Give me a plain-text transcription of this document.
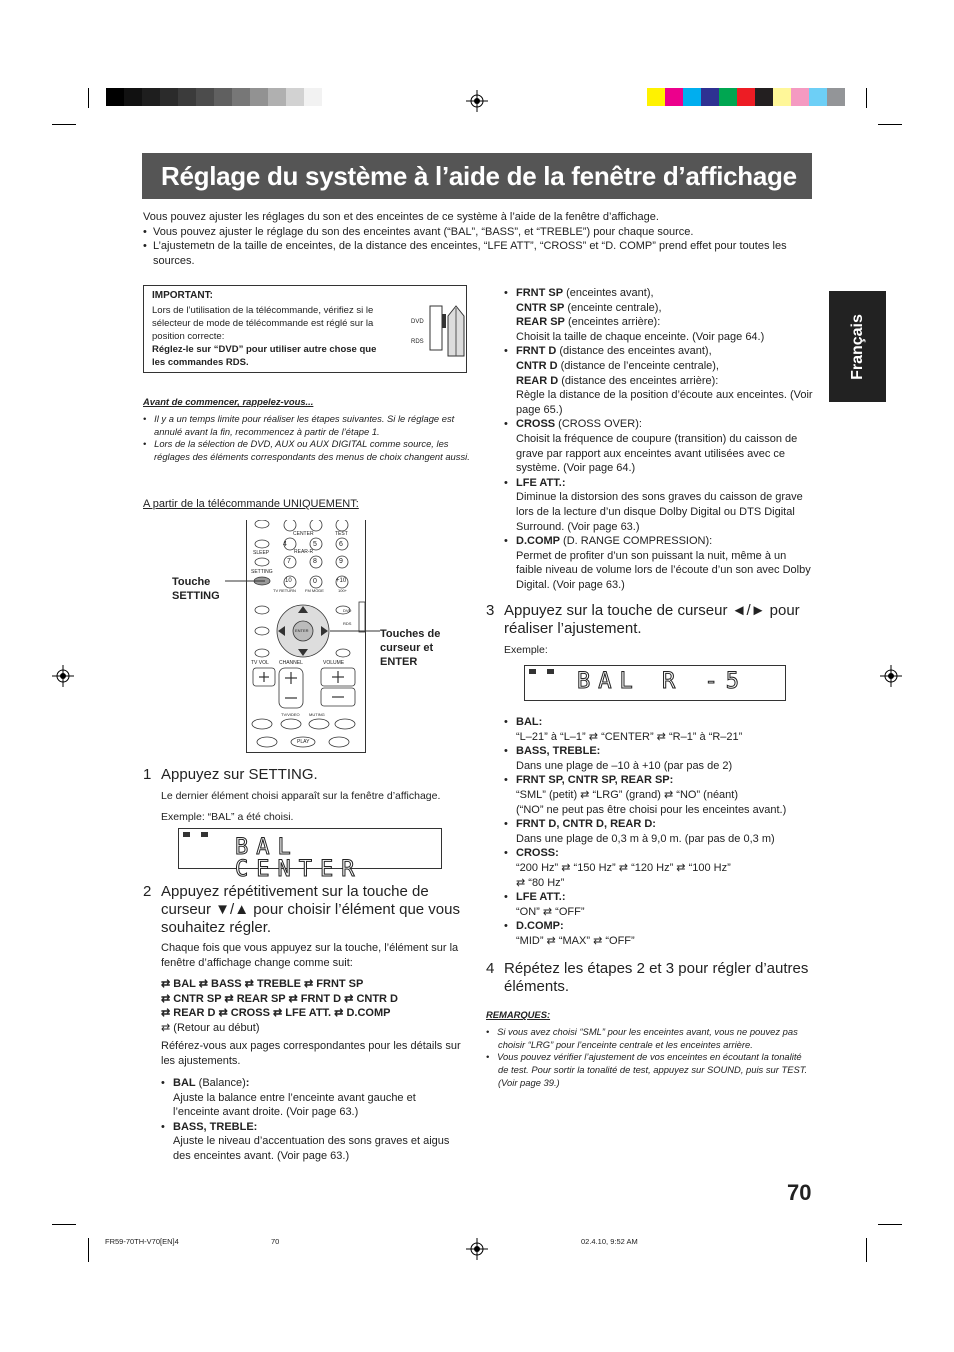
Réglage du système à l’aide de la fenêtre d’affichage
Français

Vous pouvez ajuster les réglages du son et des enceintes de ce système à l’aide de la fenêtre d’affichage.

•  Vous pouvez ajuster le réglage du son des enceintes avant (“BAL”, “BASS”, et “TREBLE”) pour chaque source.

•  L’ajustemetn de la taille de enceintes, de la distance des enceintes, “LFE ATT”, “CROSS” et “D. COMP” prend effet pour toutes les sources.

IMPORTANT:
Lors de l’utilisation de la télécommande, vérifiez si le sélecteur de mode de télécommande est réglé sur la position correcte:
Réglez-le sur “DVD” pour utiliser autre chose que les commandes RDS.
DVD
RDS
Avant de commencer, rappelez-vous...

•   Il y a un temps limite pour réaliser les étapes suivantes. Si le réglage est annulé avant la fin, recommencez à partir de l’étape 1.

•   Lors de la sélection de DVD, AUX ou AUX DIGITAL comme source, les réglages des éléments correspondants des menus de choix changent aussi.

A partir de la télécommande UNIQUEMENT:
4	5	6
7	8	9
10	0	+10
CENTER	TEST
SLEEP	REAR-R
SETTING
TV RETURN FM MODE	100+
ENTER
TV VOL CHANNEL	VOLUME
TV/VIDEO MUTING
PLAY
DVD
RDS
Touche
SETTING
Touches de
curseur et
ENTER
1 Appuyez sur SETTING.
Le dernier élément choisi apparaît sur la fenêtre d’affichage.
Exemple: “BAL” a été choisi.
BAL CENTER
2 Appuyez répétitivement sur la touche de
curseur ▼/▲ pour choisir l’élément que vous
souhaitez régler.
Chaque fois que vous appuyez sur la touche, l’élément sur la fenêtre d’affichage change comme suit:
⇄ BAL ⇄ BASS ⇄ TREBLE ⇄ FRNT SP
⇄ CNTR SP ⇄ REAR SP ⇄ FRNT D ⇄ CNTR D
⇄ REAR D ⇄ CROSS ⇄ LFE ATT. ⇄ D.COMP
⇄ (Retour au début)
Référez-vous aux pages correspondantes pour les détails sur les ajustements.
• BAL (Balance):
Ajuste la balance entre l’enceinte avant gauche et l’enceinte avant droite. (Voir page 63.)
• BASS, TREBLE:
Ajuste le niveau d’accentuation des sons graves et aigus des enceintes avant. (Voir page 63.)
• FRNT SP (enceintes avant),
CNTR SP (enceinte centrale),
REAR SP (enceintes arrière):
Choisit la taille de chaque enceinte. (Voir page 64.)
• FRNT D (distance des enceintes avant),
CNTR D (distance de l’enceinte centrale),
REAR D (distance des enceintes arrière):
Règle la distance de la position d’écoute aux enceintes. (Voir page 65.)
• CROSS (CROSS OVER):
Choisit la fréquence de coupure (transition) du caisson de grave par rapport aux enceintes avant utilisées avec ce système. (Voir page 64.)
• LFE ATT.:
Diminue la distorsion des sons graves du caisson de grave lors de la lecture d’un disque Dolby Digital ou DTS Digital Surround. (Voir page 63.)
• D.COMP (D. RANGE COMPRESSION):
Permet de profiter d’un son puissant la nuit, même à un faible niveau de volume lors de l’écoute d’un son avec Dolby Digital. (Voir page 63.)
3 Appuyez sur la touche de curseur ◄/► pour
réaliser l’ajustement.
Exemple:
BAL R -5
• BAL:
“L–21” à “L–1” ⇄ “CENTER” ⇄ “R–1” à “R–21”
• BASS, TREBLE:
Dans une plage de –10 à +10 (par pas de 2)
• FRNT SP, CNTR SP, REAR SP:
“SML” (petit) ⇄ “LRG” (grand) ⇄ “NO” (néant)
(“NO” ne peut pas être choisi pour les enceintes avant.)
• FRNT D, CNTR D, REAR D:
Dans une plage de 0,3 m à 9,0 m. (par pas de 0,3 m)
• CROSS:
“200 Hz” ⇄ “150 Hz” ⇄ “120 Hz” ⇄ “100 Hz”
⇄ “80 Hz”
• LFE ATT.:
“ON” ⇄ “OFF”
• D.COMP:
“MID” ⇄ “MAX” ⇄ “OFF”
4 Répétez les étapes 2 et 3 pour régler d’autres
éléments.
REMARQUES:

•   Si vous avez choisi “SML” pour les enceintes avant, vous ne pouvez pas choisir “LRG” pour l’enceinte centrale et les enceintes arrière.

•   Vous pouvez vérifier l’ajustement de vos enceintes en écoutant la tonalité de test. Pour sortir la tonalité de test, appuyez sur SOUND, puis sur TEST. (Voir page 39.)

70
FR59-70TH-V70[EN]4	70	02.4.10, 9:52 AM
